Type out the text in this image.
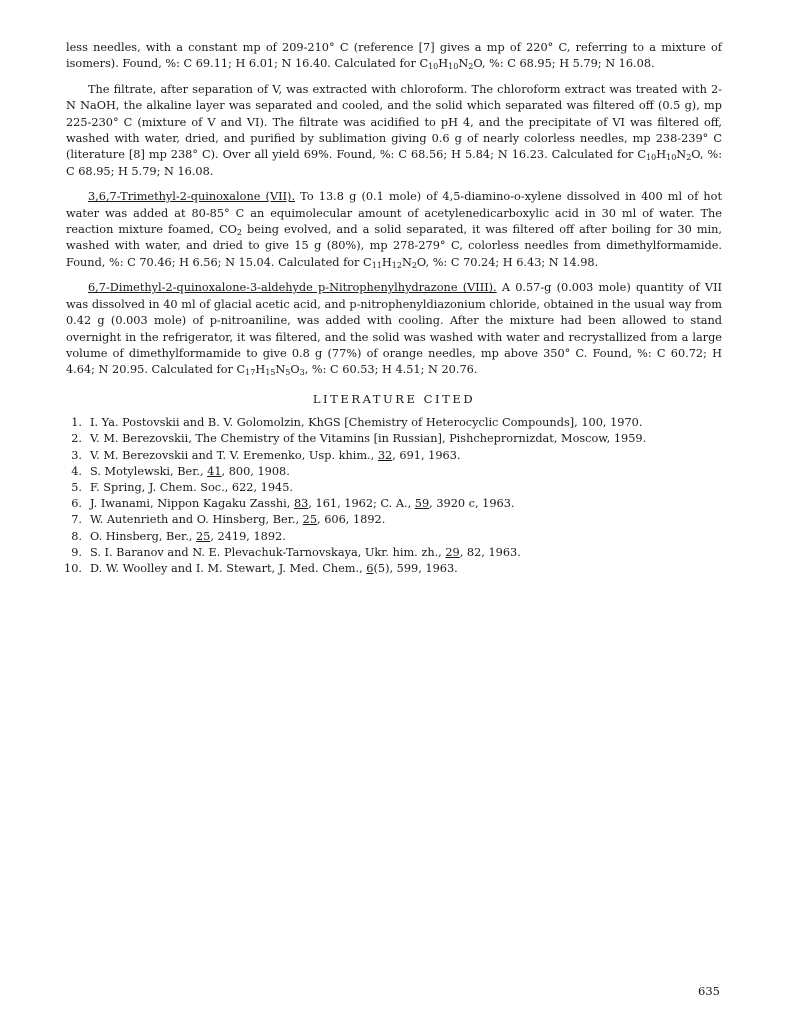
less needles, with a constant mp of 209-210° C (reference [7] gives a mp of 220° C, referring to a mixture of isomers). Found, %: C 69.11; H 6.01; N 16.40. Calculated for $C_{10}H_{10}N_2O$, %: C 68.95; H 5.79; N 16.08.

The filtrate, after separation of V, was extracted with chloroform. The chloroform extract was treated with 2-N NaOH, the alkaline layer was separated and cooled, and the solid which separated was filtered off (0.5 g), mp 225-230° C (mixture of V and VI). The filtrate was acidified to pH 4, and the precipitate of VI was filtered off, washed with water, dried, and purified by sublimation giving 0.6 g of nearly colorless needles, mp 238-239° C (literature [8] mp 238° C). Over all yield 69%. Found, %: C 68.56; H 5.84; N 16.23. Calculated for $C_{10}H_{10}N_2O$, %: C 68.95; H 5.79; N 16.08.

3,6,7-Trimethyl-2-quinoxalone (VII). To 13.8 g (0.1 mole) of 4,5-diamino-o-xylene dissolved in 400 ml of hot water was added at 80-85° C an equimolecular amount of acetylenedicarboxylic acid in 30 ml of water. The reaction mixture foamed, $CO_2$ being evolved, and a solid separated, it was filtered off after boiling for 30 min, washed with water, and dried to give 15 g (80%), mp 278-279° C, colorless needles from dimethylformamide. Found, %: C 70.46; H 6.56; N 15.04. Calculated for $C_{11}H_{12}N_2O$, %: C 70.24; H 6.43; N 14.98.

6,7-Dimethyl-2-quinoxalone-3-aldehyde p-Nitrophenylhydrazone (VIII). A 0.57-g (0.003 mole) quantity of VII was dissolved in 40 ml of glacial acetic acid, and p-nitrophenyldiazonium chloride, obtained in the usual way from 0.42 g (0.003 mole) of p-nitroaniline, was added with cooling. After the mixture had been allowed to stand overnight in the refrigerator, it was filtered, and the solid was washed with water and recrystallized from a large volume of dimethylformamide to give 0.8 g (77%) of orange needles, mp above 350° C. Found, %: C 60.72; H 4.64; N 20.95. Calculated for $C_{17}H_{15}N_5O_3$, %: C 60.53; H 4.51; N 20.76.

LITERATURE CITED
1. I. Ya. Postovskii and B. V. Golomolzin, KhGS [Chemistry of Heterocyclic Compounds], 100, 1970.
2. V. M. Berezovskii, The Chemistry of the Vitamins [in Russian], Pishcheprornizdat, Moscow, 1959.
3. V. M. Berezovskii and T. V. Eremenko, Usp. khim., 32, 691, 1963.
4. S. Motylewski, Ber., 41, 800, 1908.
5. F. Spring, J. Chem. Soc., 622, 1945.
6. J. Iwanami, Nippon Kagaku Zasshi, 83, 161, 1962; C. A., 59, 3920 c, 1963.
7. W. Autenrieth and O. Hinsberg, Ber., 25, 606, 1892.
8. O. Hinsberg, Ber., 25, 2419, 1892.
9. S. I. Baranov and N. E. Plevachuk-Tarnovskaya, Ukr. him. zh., 29, 82, 1963.
10. D. W. Woolley and I. M. Stewart, J. Med. Chem., 6(5), 599, 1963.
635
